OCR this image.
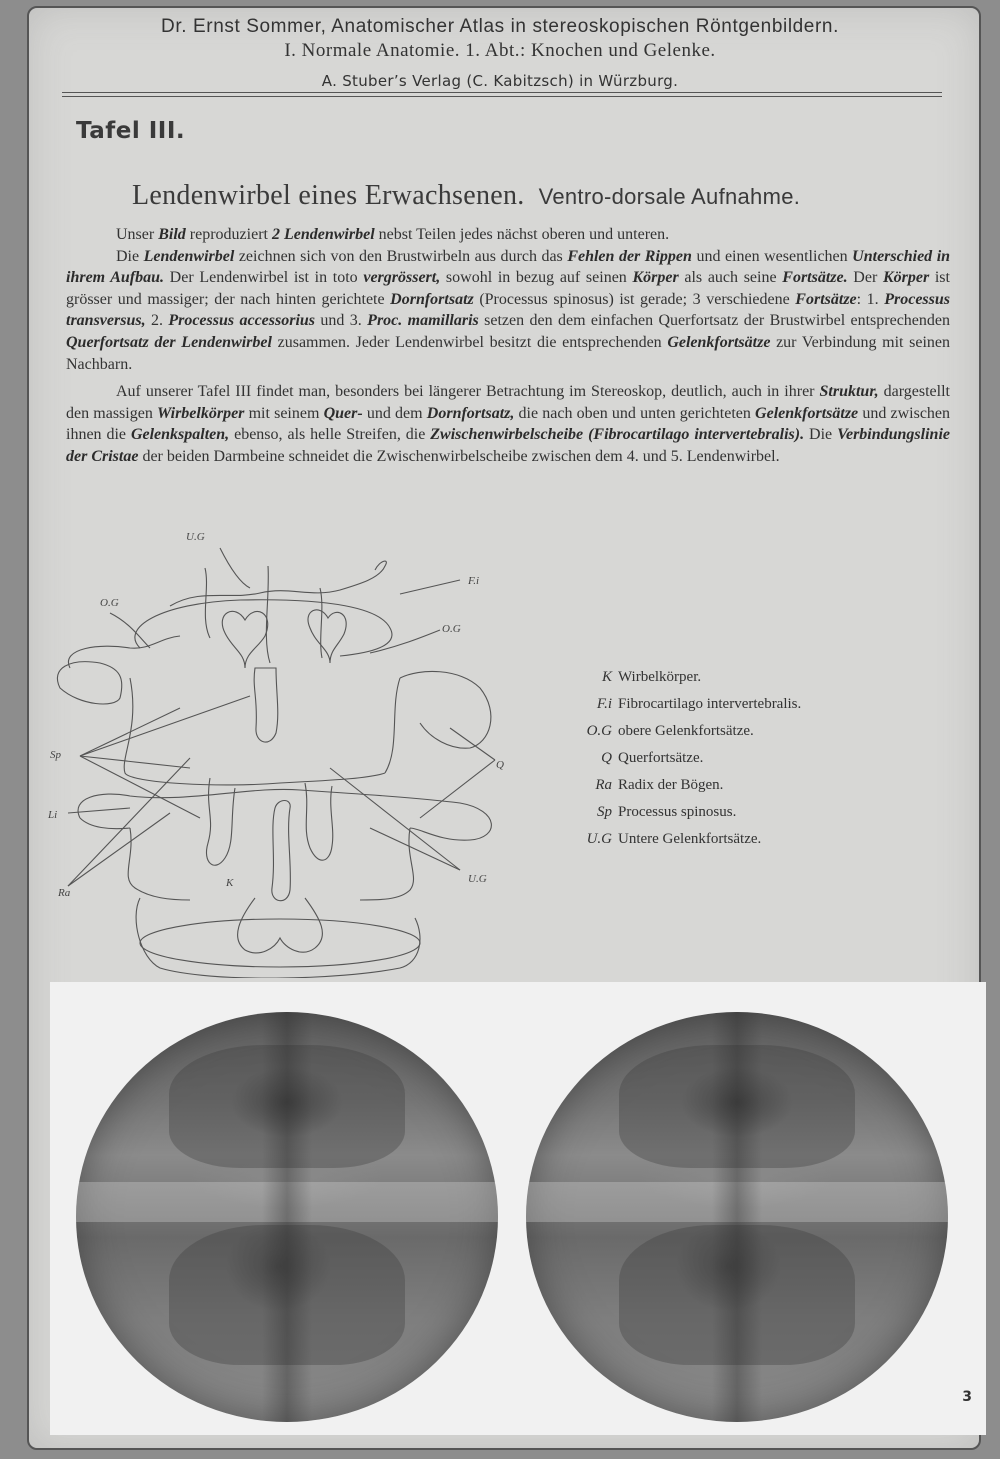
Dr. Ernst Sommer, Anatomischer Atlas in stereoskopischen Röntgenbildern.
I. Normale Anatomie. 1. Abt.: Knochen und Gelenke.
A. Stuber’s Verlag (C. Kabitzsch) in Würzburg.
Tafel III.
Lendenwirbel eines Erwachsenen. Ventro-dorsale Aufnahme.

Unser Bild reproduziert 2 Lendenwirbel nebst Teilen jedes nächst oberen und unteren.

Die Lendenwirbel zeichnen sich von den Brustwirbeln aus durch das Fehlen der Rippen und einen wesentlichen Unterschied in ihrem Aufbau. Der Lendenwirbel ist in toto vergrössert, sowohl in bezug auf seinen Körper als auch seine Fortsätze. Der Körper ist grösser und massiger; der nach hinten gerichtete Dornfortsatz (Processus spinosus) ist gerade; 3 verschiedene Fortsätze: 1. Processus transversus, 2. Processus accessorius und 3. Proc. mamillaris setzen den dem einfachen Querfortsatz der Brustwirbel entsprechenden Querfortsatz der Lendenwirbel zusammen. Jeder Lendenwirbel besitzt die entsprechenden Gelenkfortsätze zur Verbindung mit seinen Nachbarn.

Auf unserer Tafel III findet man, besonders bei längerer Betrachtung im Stereoskop, deutlich, auch in ihrer Struktur, dargestellt den massigen Wirbelkörper mit seinem Quer- und dem Dornfortsatz, die nach oben und unten gerichteten Gelenkfortsätze und zwischen ihnen die Gelenkspalten, ebenso, als helle Streifen, die Zwischenwirbelscheibe (Fibrocartilago intervertebralis). Die Verbindungslinie der Cristae der beiden Darmbeine schneidet die Zwischenwirbelscheibe zwischen dem 4. und 5. Lendenwirbel.

U.G
F.i
O.G
O.G
Sp
Q
Li
Ra
K	U.G
K Wirbelkörper.
F.i Fibrocartilago intervertebralis.
O.G obere Gelenkfortsätze.
Q Querfortsätze.
Ra Radix der Bögen.
Sp Processus spinosus.
U.G Untere Gelenkfortsätze.
3
